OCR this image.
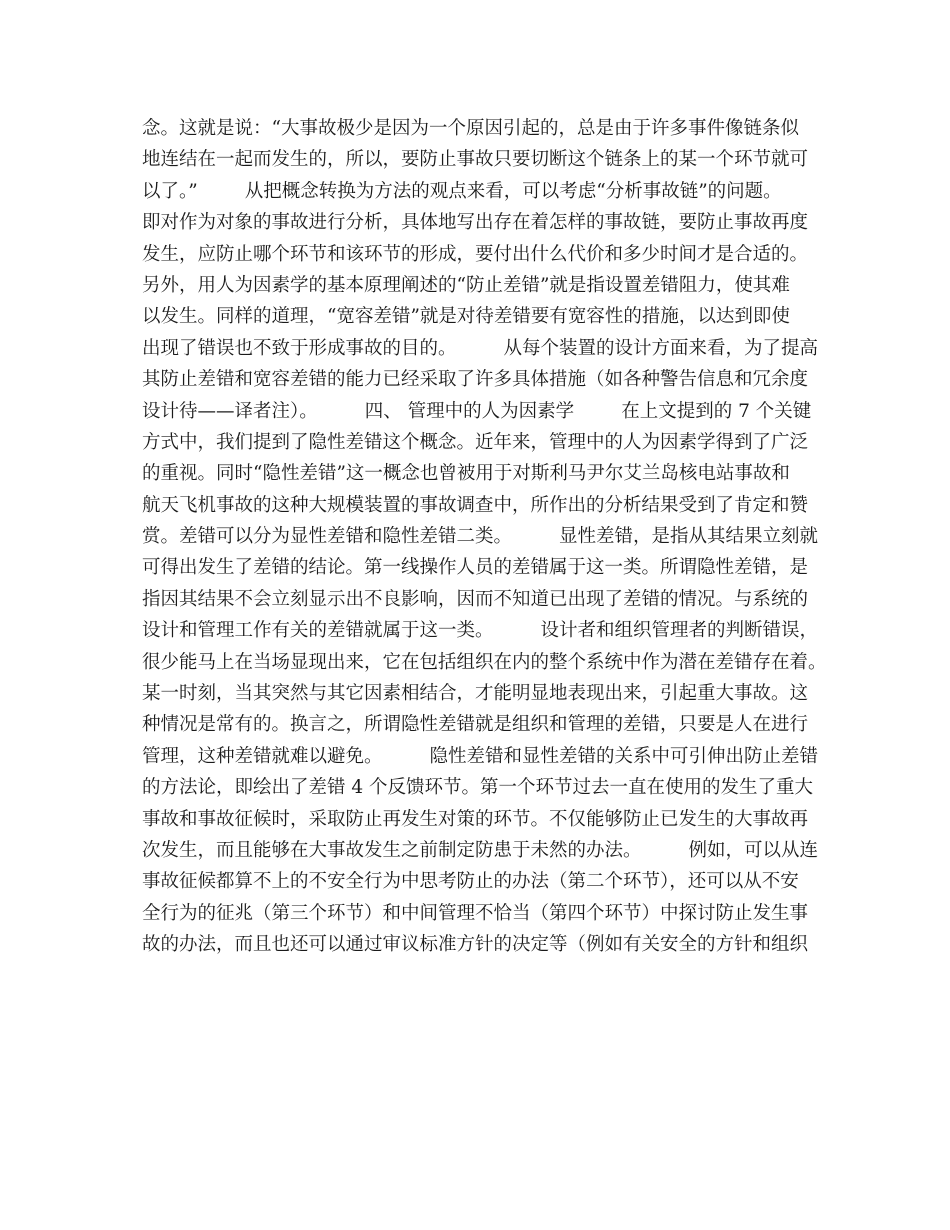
念。这就是说：“大事故极少是因为一个原因引起的，总是由于许多事件像链条似
地连结在一起而发生的，所以，要防止事故只要切断这个链条上的某一个环节就可
以了。”        从把概念转换为方法的观点来看，可以考虑“分析事故链”的问题。
即对作为对象的事故进行分析，具体地写出存在着怎样的事故链，要防止事故再度
发生，应防止哪个环节和该环节的形成，要付出什么代价和多少时间才是合适的。
另外，用人为因素学的基本原理阐述的“防止差错”就是指设置差错阻力，使其难
以发生。同样的道理，“宽容差错”就是对待差错要有宽容性的措施，以达到即使
出现了错误也不致于形成事故的目的。        从每个装置的设计方面来看，为了提高
其防止差错和宽容差错的能力已经采取了许多具体措施（如各种警告信息和冗余度
设计待——译者注）。        四、 管理中的人为因素学        在上文提到的 7 个关键
方式中，我们提到了隐性差错这个概念。近年来，管理中的人为因素学得到了广泛
的重视。同时“隐性差错”这一概念也曾被用于对斯利马尹尔艾兰岛核电站事故和
航天飞机事故的这种大规模装置的事故调查中，所作出的分析结果受到了肯定和赞
赏。差错可以分为显性差错和隐性差错二类。        显性差错，是指从其结果立刻就
可得出发生了差错的结论。第一线操作人员的差错属于这一类。所谓隐性差错，是
指因其结果不会立刻显示出不良影响，因而不知道已出现了差错的情况。与系统的
设计和管理工作有关的差错就属于这一类。        设计者和组织管理者的判断错误，
很少能马上在当场显现出来，它在包括组织在内的整个系统中作为潜在差错存在着。
某一时刻，当其突然与其它因素相结合，才能明显地表现出来，引起重大事故。这
种情况是常有的。换言之，所谓隐性差错就是组织和管理的差错，只要是人在进行
管理，这种差错就难以避免。        隐性差错和显性差错的关系中可引伸出防止差错
的方法论，即绘出了差错 4 个反馈环节。第一个环节过去一直在使用的发生了重大
事故和事故征候时，采取防止再发生对策的环节。不仅能够防止已发生的大事故再
次发生，而且能够在大事故发生之前制定防患于未然的办法。        例如，可以从连
事故征候都算不上的不安全行为中思考防止的办法（第二个环节），还可以从不安
全行为的征兆（第三个环节）和中间管理不恰当（第四个环节）中探讨防止发生事
故的办法，而且也还可以通过审议标准方针的决定等（例如有关安全的方针和组织
